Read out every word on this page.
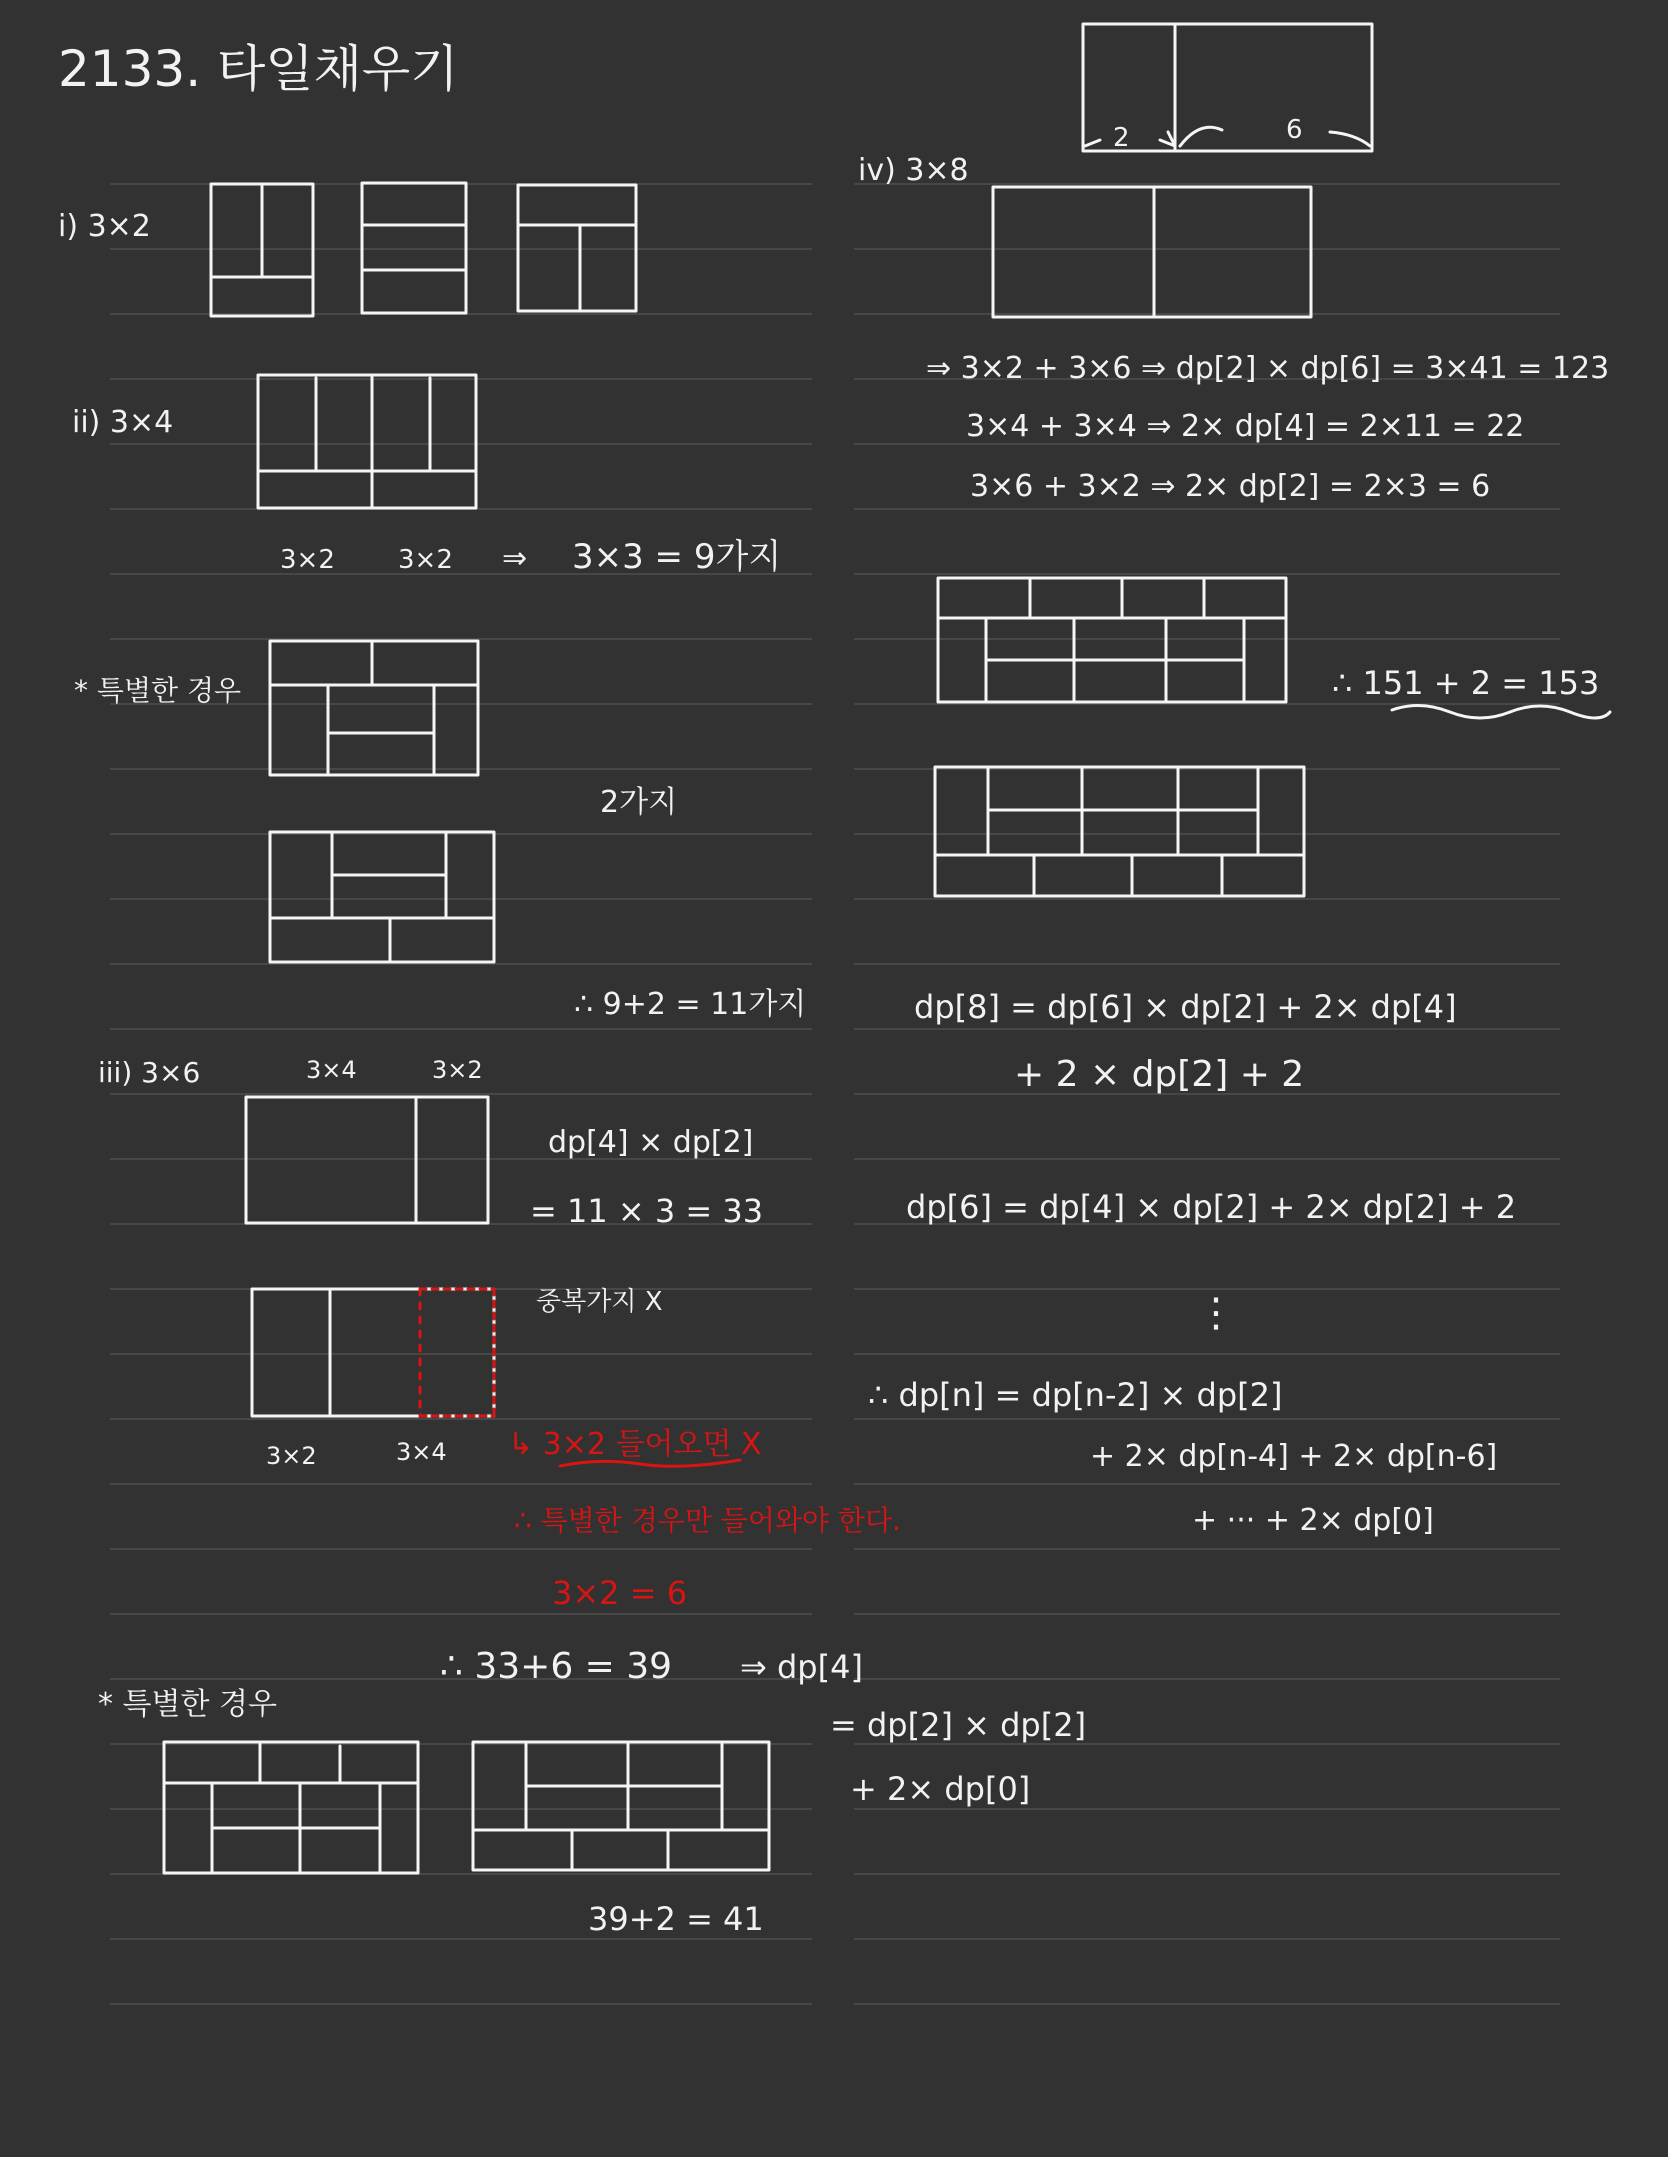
2133. 타일채우기
i) 3×2
ii) 3×4
3×2 3×2 ⇒ 3×3 = 9가지
* 특별한 경우
2가지
∴ 9+2 = 11가지
iii) 3×6	3×4	3×2
dp[4] × dp[2]
= 11 × 3 = 33
중복가지 X
3×2	3×4 ↳ 3×2 들어오면 X
∴ 특별한 경우만 들어와야 한다.
3×2 = 6
∴ 33+6 = 39 ⇒ dp[4]
= dp[2] × dp[2]
+ 2× dp[0]
* 특별한 경우
39+2 = 41
2	6
iv) 3×8
⇒ 3×2 + 3×6 ⇒ dp[2] × dp[6] = 3×41 = 123
3×4 + 3×4 ⇒ 2× dp[4] = 2×11 = 22
3×6 + 3×2 ⇒ 2× dp[2] = 2×3 = 6
∴ 151 + 2 = 153
dp[8] = dp[6] × dp[2] + 2× dp[4]
+ 2 × dp[2] + 2
dp[6] = dp[4] × dp[2] + 2× dp[2] + 2
⋮
∴ dp[n] = dp[n-2] × dp[2]
+ 2× dp[n-4] + 2× dp[n-6]
+ ··· + 2× dp[0]
